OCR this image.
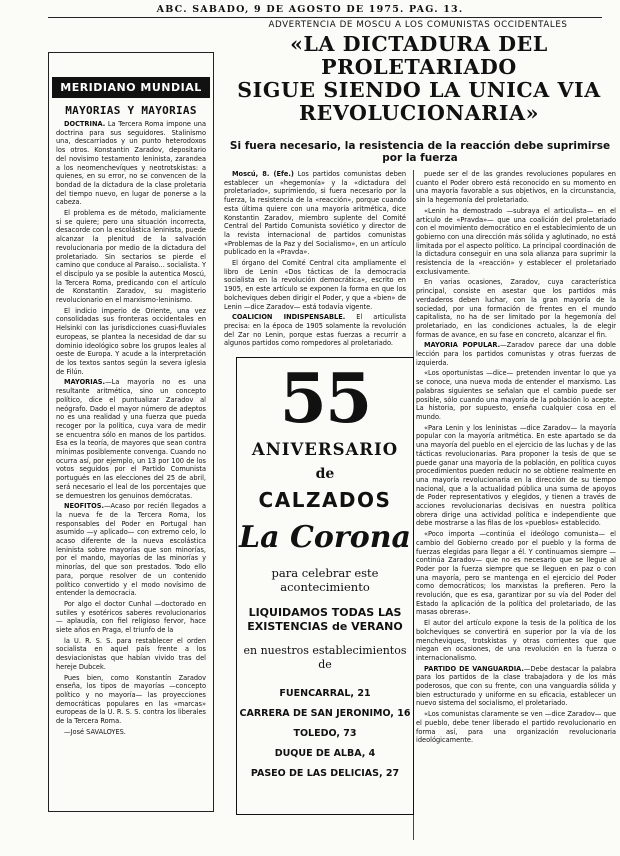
ABC. SABADO, 9 DE AGOSTO DE 1975. PAG. 13.
MERIDIANO MUNDIAL
MAYORIAS Y MAYORIAS

DOCTRINA. La Tercera Roma impone una doctrina para sus seguidores. Stalinismo una, descarriados y un punto heterodoxos los otros. Konstantin Zaradov, depositario del novisimo testamento leninista, zarandea a los neomenchevíques y neotrotskistas: a quienes, en su error, no se convencen de la bondad de la dictadura de la clase proletaria del tiempo nuevo, en lugar de ponerse a la cabeza.

El problema es de método, maliciamente si se quiere; pero una situación incorrecta, desacorde con la escolástica leninista, puede alcanzar la plenitud de la salvación revolucionaria por medio de la dictadura del proletariado. Sin sectarios se pierde el camino que conduce al Paraíso... socialista. Y el discípulo ya se posible la autentica Moscú, la Tercera Roma, predicando con el artículo de Konstantin Zaradov, su magisterio revolucionario en el marxismo-leninismo.

El indicio imperio de Oriente, una vez consolidadas sus fronteras occidentales en Helsinki con las jurisdicciones cuasi-fluviales europeas, se plantea la necesidad de dar su dominio ideológico sobre los grupos leales al oeste de Europa. Y acude a la interpretación de los textos santos según la severa iglesia de Filún.

MAYORIAS.—La mayoría no es una resultante aritmética, sino un concepto político, dice el puntualizar Zaradov al neógrafo. Dado el mayor número de adeptos no es una realidad y una fuerza que pueda recoger por la política, cuya vara de medir se encuentra sólo en manos de los partidos. Esa es la teoría, de mayores que sean contra mínimas posiblemente convenga. Cuando no ocurra así, por ejemplo, un 13 por 100 de los votos seguidos por el Partido Comunista portugués en las elecciones del 25 de abril, será necesario el leal de los porcentajes que se demuestren los genuinos demócratas.

NEOFITOS.—Acaso por recién llegados a la nueva fe de la Tercera Roma, los responsables del Poder en Portugal han asumido —y aplicado— con extremo celo, lo acaso diferente de la nueva escolástica leninista sobre mayorías que son minorías, por el mando, mayorías de las minorías y minorías, del que son prestados. Todo ello para, porque resolver de un contenido político convertido y el modo novísimo de entender la democracia.

Por algo el doctor Cunhal —doctorado en sutiles y esotéricos saberes revolucionarios— aplaudía, con fiel religioso fervor, hace siete años en Praga, el triunfo de la

la U. R. S. S. para restablecer el orden socialista en aquel país frente a los desviacionistas que habían vivido tras del hereje Dubcek.

Pues bien, como Konstantín Zaradov enseña, los tipos de mayorías —concepto político y no mayoría— las proyecciones democráticas populares en las «marcas» europeas de la U. R. S. S. contra los liberales de la Tercera Roma.

—José SAVALOYES.

ADVERTENCIA DE MOSCU A LOS COMUNISTAS OCCIDENTALES
«LA DICTADURA DEL PROLETARIADO
SIGUE SIENDO LA UNICA VIA
REVOLUCIONARIA»
Si fuera necesario, la resistencia de la reacción debe suprimirse por la fuerza

Moscú, 8. (Efe.) Los partidos comunistas deben establecer un «hegemonía» y la «dictadura del proletariado», suprimiendo, si fuera necesario por la fuerza, la resistencia de la «reacción», porque cuando esta última quiere con una mayoría aritmética, dice Konstantin Zaradov, miembro suplente del Comité Central del Partido Comunista soviético y director de la revista internacional de partidos comunistas «Problemas de la Paz y del Socialismo», en un artículo publicado en la «Pravda».

El órgano del Comité Central cita ampliamente el libro de Lenin «Dos tácticas de la democracia socialista en la revolución democrática», escrito en 1905, en este artículo se exponen la forma en que los bolcheviques deben dirigir el Poder, y que a «bien» de Lenin —dice Zaradov— está todavía vigente.

COALICION INDISPENSABLE. El articulista precisa: en la época de 1905 solamente la revolución del Zar no Lenin, porque estas fuerzas a recurrir a algunos partidos como rompedores al proletariado.

puede ser el de las grandes revoluciones populares en cuanto el Poder obrero está reconocido en su momento en una mayoría favorable a sus objetivos, en la circunstancia, sin la hegemonía del proletariado.

«Lenin ha demostrado —subraya el articulista— en el artículo de «Pravda»— que una coalición del proletariado con el movimiento democrático en el establecimiento de un gobierno con una dirección más sólida y aglutinado, no está limitada por el aspecto político. La principal coordinación de la dictadura conseguir en una sola alianza para suprimir la resistencia de la «reacción» y establecer el proletariado exclusivamente.

En varias ocasiones, Zaradov, cuya característica principal, consiste en asestar que los partidos más verdaderos deben luchar, con la gran mayoría de la sociedad, por una formación de frentes en el mundo capitalista, no ha de ser limitado por la hegemonía del proletariado, en las condiciones actuales, la de elegir formas de avance, en su fase en concreto, alcanzar el fin.

MAYORIA POPULAR.—Zaradov parece dar una doble lección para los partidos comunistas y otras fuerzas de izquierda.

«Los oportunistas —dice— pretenden inventar lo que ya se conoce, una nueva moda de entender el marxismo. Las palabras siguientes se señalan que el cambio puede ser posible, sólo cuando una mayoría de la población lo acepte. La historia, por supuesto, enseña cualquier cosa en el mundo.

«Para Lenin y los leninistas —dice Zaradov— la mayoría popular con la mayoría aritmética. En este apartado se da una mayoría del pueblo en el ejercicio de las luchas y de las tácticas revolucionarias. Para proponer la tesis de que se puede ganar una mayoría de la población, en política cuyos procedimientos pueden reducir no se obtiene realmente en una mayoría revolucionaria en la dirección de su tiempo nacional, que a la actualidad pública una suma de apoyos de Poder representativos y elegidos, y tienen a través de acciones revolucionarias decisivas en nuestra política obrera dirige una actividad política e independiente que debe mostrarse a las filas de los «pueblos» establecido.

«Poco importa —continúa el ideólogo comunista— el cambio del Gobierno creado por el pueblo y la forma de fuerzas elegidas para llegar a él. Y continuamos siempre —continúa Zaradov— que no es necesario que se llegue al Poder por la fuerza siempre que se lleguen en paz o con una mayoría, pero se mantenga en el ejercicio del Poder como democráticos; los marxistas la prefieren. Pero la revolución, que es esa, garantizar por su vía del Poder del Estado la aplicación de la política del proletariado, de las masas obreras».

El autor del artículo expone la tesis de la política de los bolcheviques se convertirá en superior por la vía de los mencheviques, trotskistas y otras corrientes que que niegan en ocasiones, de una revolución en la fuerza o internacionalismo.

PARTIDO DE VANGUARDIA.—Debe destacar la palabra para los partidos de la clase trabajadora y de los más poderosos, que con su frente, con una vanguardia sólida y bien estructurado y uniforme en su eficacia, establecer un nuevo sistema del socialismo, el proletariado.

«Los comunistas claramente se ven —dice Zaradov— que el pueblo, debe tener liberado el partido revolucionario en forma así, para una organización revolucionaria ideológicamente.

55
ANIVERSARIO
de
CALZADOS
La Corona
para celebrar este
acontecimiento
LIQUIDAMOS TODAS LAS
EXISTENCIAS de VERANO
en nuestros establecimientos
de
FUENCARRAL, 21
CARRERA DE SAN JERONIMO, 16
TOLEDO, 73
DUQUE DE ALBA, 4
PASEO DE LAS DELICIAS, 27
